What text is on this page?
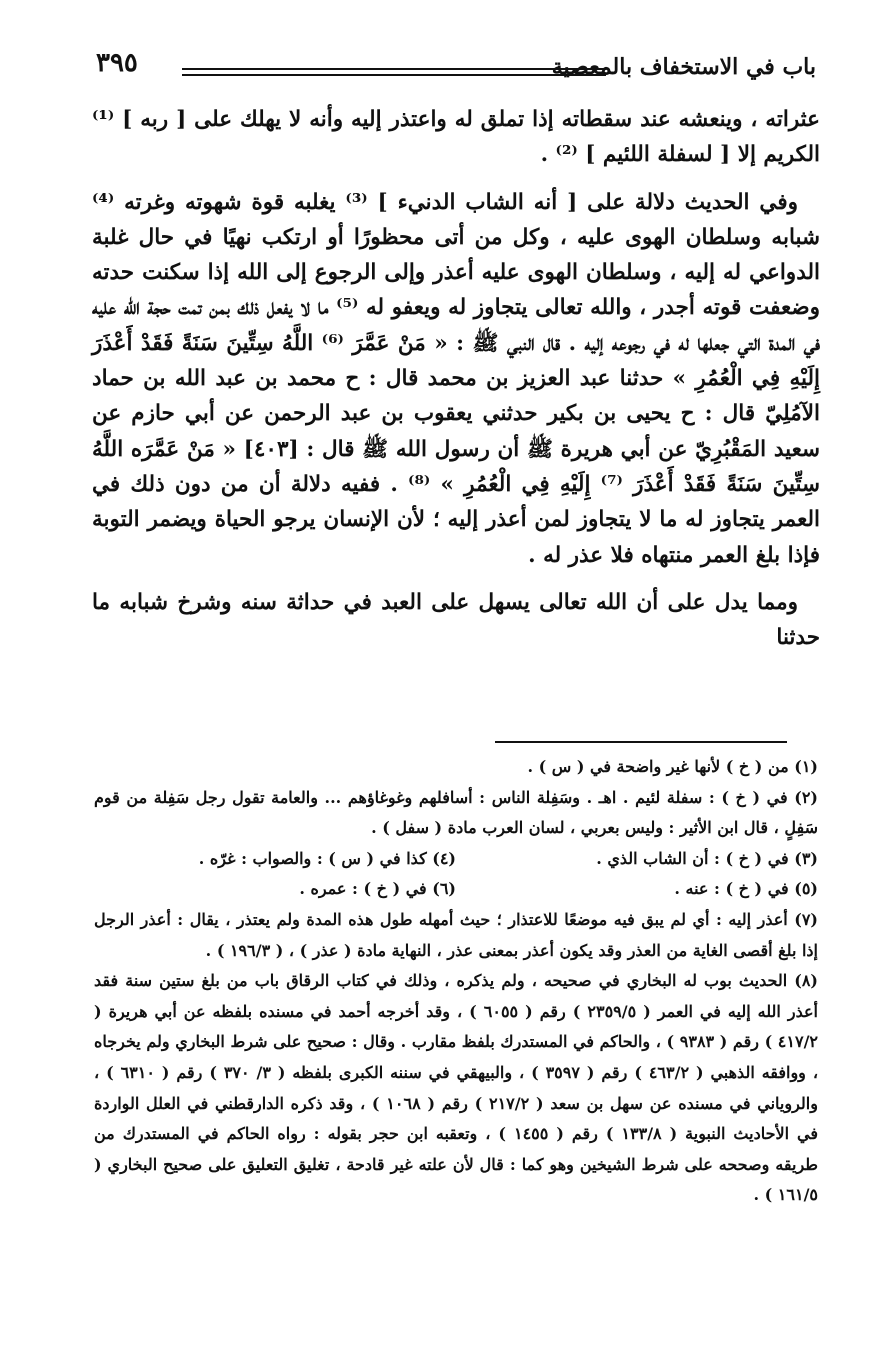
باب في الاستخفاف بالمعصية
٣٩٥

عثراته ، وينعشه عند سقطاته إذا تملق له واعتذر إليه وأنه لا يهلك على [ ربه ] ⁽¹⁾ الكريم إلا [ لسفلة اللئيم ] ⁽²⁾ .

وفي الحديث دلالة على [ أنه الشاب الدنيء ] ⁽³⁾ يغلبه قوة شهوته وغرته ⁽⁴⁾ شبابه وسلطان الهوى عليه ، وكل من أتى محظورًا أو ارتكب نهيًا في حال غلبة الدواعي له إليه ، وسلطان الهوى عليه أعذر وإلى الرجوع إلى الله إذا سكنت حدته وضعفت قوته أجدر ، والله تعالى يتجاوز له ويعفو له ⁽⁵⁾ ما لا يفعل ذلك بمن تمت حجة الله عليه في المدة التي جعلها له في رجوعه إليه . قال النبي ﷺ : « مَنْ عَمَّرَ ⁽⁶⁾ اللَّهُ سِتِّينَ سَنَةً فَقَدْ أَعْذَرَ إِلَيْهِ فِي الْعُمُرِ » حدثنا عبد العزيز بن محمد قال : ح محمد بن عبد الله بن حماد الآمُلِيّ قال : ح يحيى بن بكير حدثني يعقوب بن عبد الرحمن عن أبي حازم عن سعيد المَقْبُرِيّ عن أبي هريرة ﷺ أن رسول الله ﷺ قال : [٤٠٣] « مَنْ عَمَّرَه اللَّهُ سِتِّينَ سَنَةً فَقَدْ أَعْذَرَ ⁽⁷⁾ إِلَيْهِ فِي الْعُمُرِ » ⁽⁸⁾ . ففيه دلالة أن من دون ذلك في العمر يتجاوز له ما لا يتجاوز لمن أعذر إليه ؛ لأن الإنسان يرجو الحياة ويضمر التوبة فإذا بلغ العمر منتهاه فلا عذر له .

ومما يدل على أن الله تعالى يسهل على العبد في حداثة سنه وشرخ شبابه ما حدثنا

(١) من ( خ ) لأنها غير واضحة في ( س ) .

(٢) في ( خ ) : سفلة لئيم . اهـ . وسَفِلة الناس : أسافلهم وغوغاؤهم ... والعامة تقول رجل سَفِلة من قوم سَفِلٍ ، قال ابن الأثير : وليس بعربي ، لسان العرب مادة ( سفل ) .

(٣) في ( خ ) : أن الشاب الذي .
(٤) كذا في ( س ) : والصواب : غرّه .
(٥) في ( خ ) : عنه .
(٦) في ( خ ) : عمره .

(٧) أعذر إليه : أي لم يبق فيه موضعًا للاعتذار ؛ حيث أمهله طول هذه المدة ولم يعتذر ، يقال : أعذر الرجل إذا بلغ أقصى الغاية من العذر وقد يكون أعذر بمعنى عذر ، النهاية مادة ( عذر ) ، ( ١٩٦/٣ ) .

(٨) الحديث بوب له البخاري في صحيحه ، ولم يذكره ، وذلك في كتاب الرقاق باب من بلغ ستين سنة فقد أعذر الله إليه في العمر ( ٢٣٥٩/٥ ) رقم ( ٦٠٥٥ ) ، وقد أخرجه أحمد في مسنده بلفظه عن أبي هريرة ( ٤١٧/٢ ) رقم ( ٩٣٨٣ ) ، والحاكم في المستدرك بلفظ مقارب . وقال : صحيح على شرط البخاري ولم يخرجاه ، ووافقه الذهبي ( ٤٦٣/٢ ) رقم ( ٣٥٩٧ ) ، والبيهقي في سننه الكبرى بلفظه ( ٣/ ٣٧٠ ) رقم ( ٦٣١٠ ) ، والروياني في مسنده عن سهل بن سعد ( ٢١٧/٢ ) رقم ( ١٠٦٨ ) ، وقد ذكره الدارقطني في العلل الواردة في الأحاديث النبوية ( ١٣٣/٨ ) رقم ( ١٤٥٥ ) ، وتعقبه ابن حجر بقوله : رواه الحاكم في المستدرك من طريقه وصححه على شرط الشيخين وهو كما : قال لأن علته غير قادحة ، تغليق التعليق على صحيح البخاري ( ١٦١/٥ ) .
